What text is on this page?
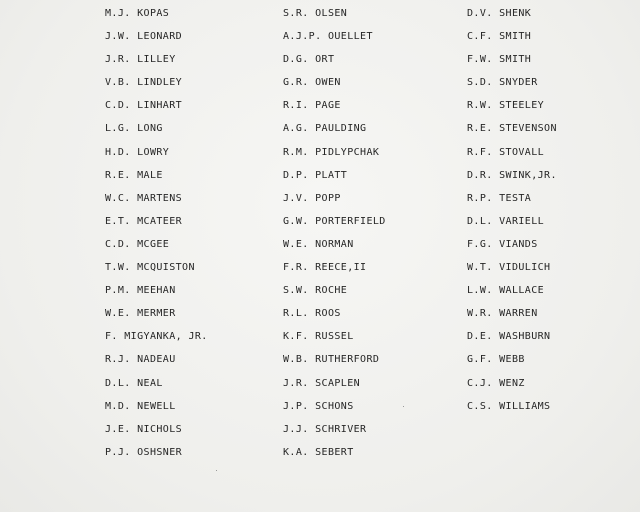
M.J. KOPAS
J.W. LEONARD
J.R. LILLEY
V.B. LINDLEY
C.D. LINHART
L.G. LONG
H.D. LOWRY
R.E. MALE
W.C. MARTENS
E.T. MCATEER
C.D. MCGEE
T.W. MCQUISTON
P.M. MEEHAN
W.E. MERMER
F. MIGYANKA, JR.
R.J. NADEAU
D.L. NEAL
M.D. NEWELL
J.E. NICHOLS
P.J. OSHSNER
S.R. OLSEN
A.J.P. OUELLET
D.G. ORT
G.R. OWEN
R.I. PAGE
A.G. PAULDING
R.M. PIDLYPCHAK
D.P. PLATT
J.V. POPP
G.W. PORTERFIELD
W.E. NORMAN
F.R. REECE,II
S.W. ROCHE
R.L. ROOS
K.F. RUSSEL
W.B. RUTHERFORD
J.R. SCAPLEN
J.P. SCHONS
J.J. SCHRIVER
K.A. SEBERT
D.V. SHENK
C.F. SMITH
F.W. SMITH
S.D. SNYDER
R.W. STEELEY
R.E. STEVENSON
R.F. STOVALL
D.R. SWINK,JR.
R.P. TESTA
D.L. VARIELL
F.G. VIANDS
W.T. VIDULICH
L.W. WALLACE
W.R. WARREN
D.E. WASHBURN
G.F. WEBB
C.J. WENZ
C.S. WILLIAMS
